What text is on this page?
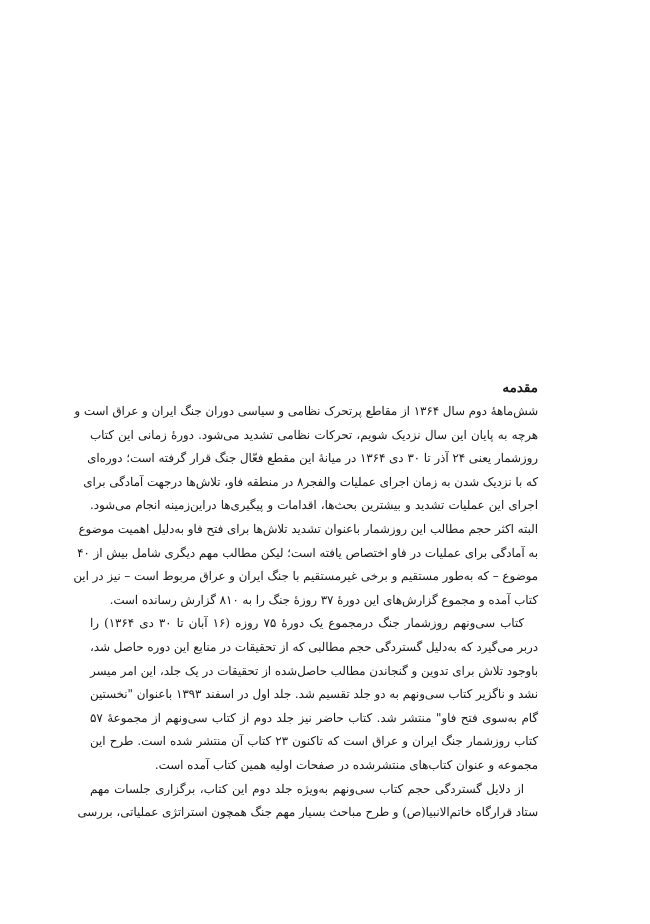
مقدمه
شش‌ماههٔ دوم سال ۱۳۶۴ از مقاطع پرتحرک نظامی و سیاسی دوران جنگ ایران و عراق است و
هرچه به پایان این سال نزدیک شویم، تحرکات نظامی تشدید می‌شود. دورهٔ زمانی این کتاب
روزشمار یعنی ۲۴ آذر تا ۳۰ دی ۱۳۶۴ در میانهٔ این مقطع فعّال جنگ قرار گرفته است؛ دوره‌ای
که با نزدیک شدن به زمان اجرای عملیات والفجر۸ در منطقه فاو، تلاش‌ها درجهت آمادگی برای
اجرای این عملیات تشدید و بیشترین بحث‌ها، اقدامات و پیگیری‌ها دراین‌زمینه انجام می‌شود.
البته اکثر حجم مطالب این روزشمار باعنوان تشدید تلاش‌ها برای فتح فاو به‌دلیل اهمیت موضوع
به آمادگی برای عملیات در فاو اختصاص یافته است؛ لیکن مطالب مهم دیگری شامل بیش از ۴۰
موضوع – که به‌طور مستقیم و برخی غیرمستقیم با جنگ ایران و عراق مربوط است – نیز در این
کتاب آمده و مجموع گزارش‌های این دورهٔ ۳۷ روزهٔ جنگ را به ۸۱۰ گزارش رسانده است.
کتاب سی‌ونهم روزشمار جنگ درمجموع یک دورهٔ ۷۵ روزه (۱۶ آبان تا ۳۰ دی ۱۳۶۴) را
دربر می‌گیرد که به‌دلیل گستردگی حجم مطالبی که از تحقیقات در منابع این دوره حاصل شد،
باوجود تلاش برای تدوین و گنجاندن مطالب حاصل‌شده از تحقیقات در یک جلد، این امر میسر
نشد و ناگزیر کتاب سی‌ونهم به دو جلد تقسیم شد. جلد اول در اسفند ۱۳۹۳ باعنوان "نخستین
گام به‌سوی فتح فاو" منتشر شد. کتاب حاضر نیز جلد دوم از کتاب سی‌ونهم از مجموعهٔ ۵۷
کتاب روزشمار جنگ ایران و عراق است که تاکنون ۲۳ کتاب آن منتشر شده است. طرح این
مجموعه و عنوان کتاب‌های منتشرشده در صفحات اولیه همین کتاب آمده است.
از دلایل گستردگی حجم کتاب سی‌ونهم به‌ویژه جلد دوم این کتاب، برگزاری جلسات مهم
ستاد قرارگاه خاتم‌الانبیا(ص) و طرح مباحث بسیار مهم جنگ همچون استراتژی عملیاتی، بررسی
